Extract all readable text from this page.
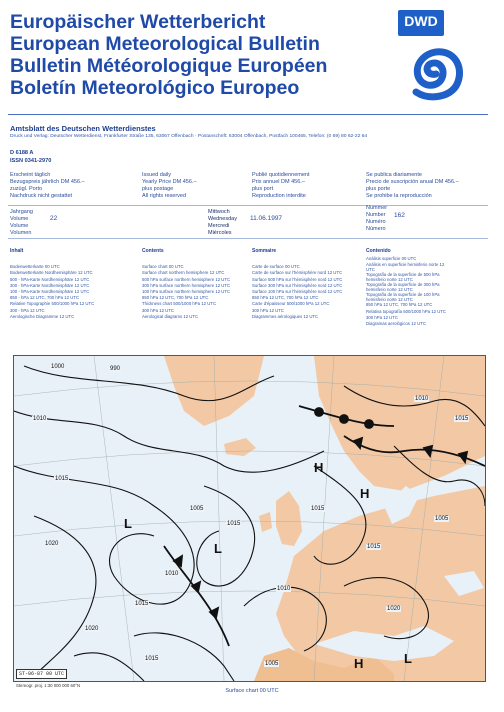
Europäischer Wetterbericht
European Meteorological Bulletin
Bulletin Météorologique Européen
Boletín Meteorológico Europeo
DWD
Amtsblatt des Deutschen Wetterdienstes
Druck und Verlag: Deutscher Wetterdienst, Frankfurter Straße 135, 63067 Offenbach · Postanschrift: 63004 Offenbach, Postfach 100465, Telefon: (0 69) 80 62-22 64
D 6188 A
ISSN 0341-2970
Erscheint täglich
Bezugspreis jährlich DM 456.–
zuzügl. Porto
Nachdruck nicht gestattet
Issued daily
Yearly Price DM 456.–
plus postage
All rights reserved
Publié quotidiennement
Prix annuel DM 456.–
plus port
Reproduction interdite
Se publica diariamente
Precio de suscripción anual DM 456.–
plus porte
Se prohibe la reproducción
Jahrgang
Volume
Volume
Volumen
22
Mittwoch
Wednesday
Mercredi
Miércoles
11.06.1997
Nummer
Number
Numéro
Número
162
Inhalt
Bodenwetterkarte 00 UTC
Bodenwetterkarte Nordhemisphäre 12 UTC
500 - hPa-Karte Nordhemisphäre 12 UTC
300 - hPa-Karte Nordhemisphäre 12 UTC
100 - hPa-Karte Nordhemisphäre 12 UTC
850 - hPa 12 UTC, 700 hPa 12 UTC
Relative Topographie 500/1000 hPa 12 UTC
300 - hPa 12 UTC
Aerologische Diagramme 12 UTC
Contents
Surface chart 00 UTC
Surface chart northern hemisphere 12 UTC
500 hPa surface northern hemisphere 12 UTC
300 hPa surface northern hemisphere 12 UTC
100 hPa surface northern hemisphere 12 UTC
850 hPa 12 UTC, 700 hPa 12 UTC
Thickness chart 500/1000 hPa 12 UTC
300 hPa 12 UTC
Aerological diagrams 12 UTC
Sommaire
Carte de surface 00 UTC
Carte de surface sur l'hémisphère nord 12 UTC
Surface 500 hPa sur l'hémisphère nord 12 UTC
Surface 300 hPa sur l'hémisphère nord 12 UTC
Surface 100 hPa sur l'hémisphère nord 12 UTC
850 hPa 12 UTC, 700 hPa 12 UTC
Carte d'épaisseur 500/1000 hPa 12 UTC
300 hPa 12 UTC
Diagrammes aérologiques 12 UTC
Contenido
Análisis superficie 00 UTC
Análisis en superficie hemisferio norte 12 UTC
Topografía de la superficie de 500 hPa hemisferio norte 12 UTC
Topografía de la superficie de 300 hPa hemisferio norte 12 UTC
Topografía de la superficie de 100 hPa hemisferio norte 12 UTC
850 hPa 12 UTC, 700 hPa 12 UTC
Relativa topografía 500/1000 hPa 12 UTC
300 hPa 12 UTC
Diagramas aerológicos 12 UTC
1000	990
1010
1015
1020
1005
1010
1015
1020
1015
1010
1015
1005
1015
1010
1015
1020
1015
1005
H
L
L
H
L
H
ST-06-87 00 UTC
Stereogr. proj. 1:30 000 000 60°N
Surface chart 00 UTC
